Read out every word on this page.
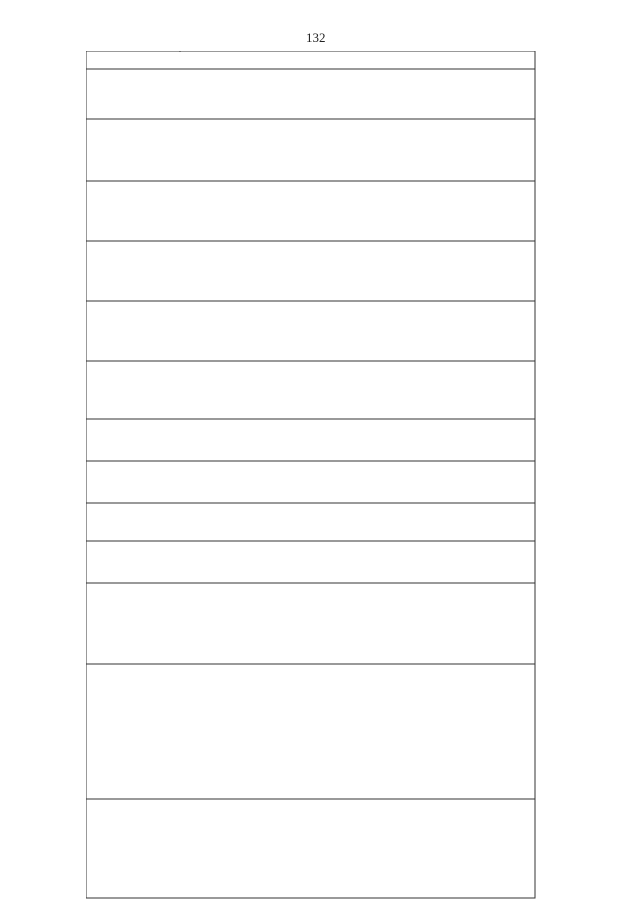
132
.
